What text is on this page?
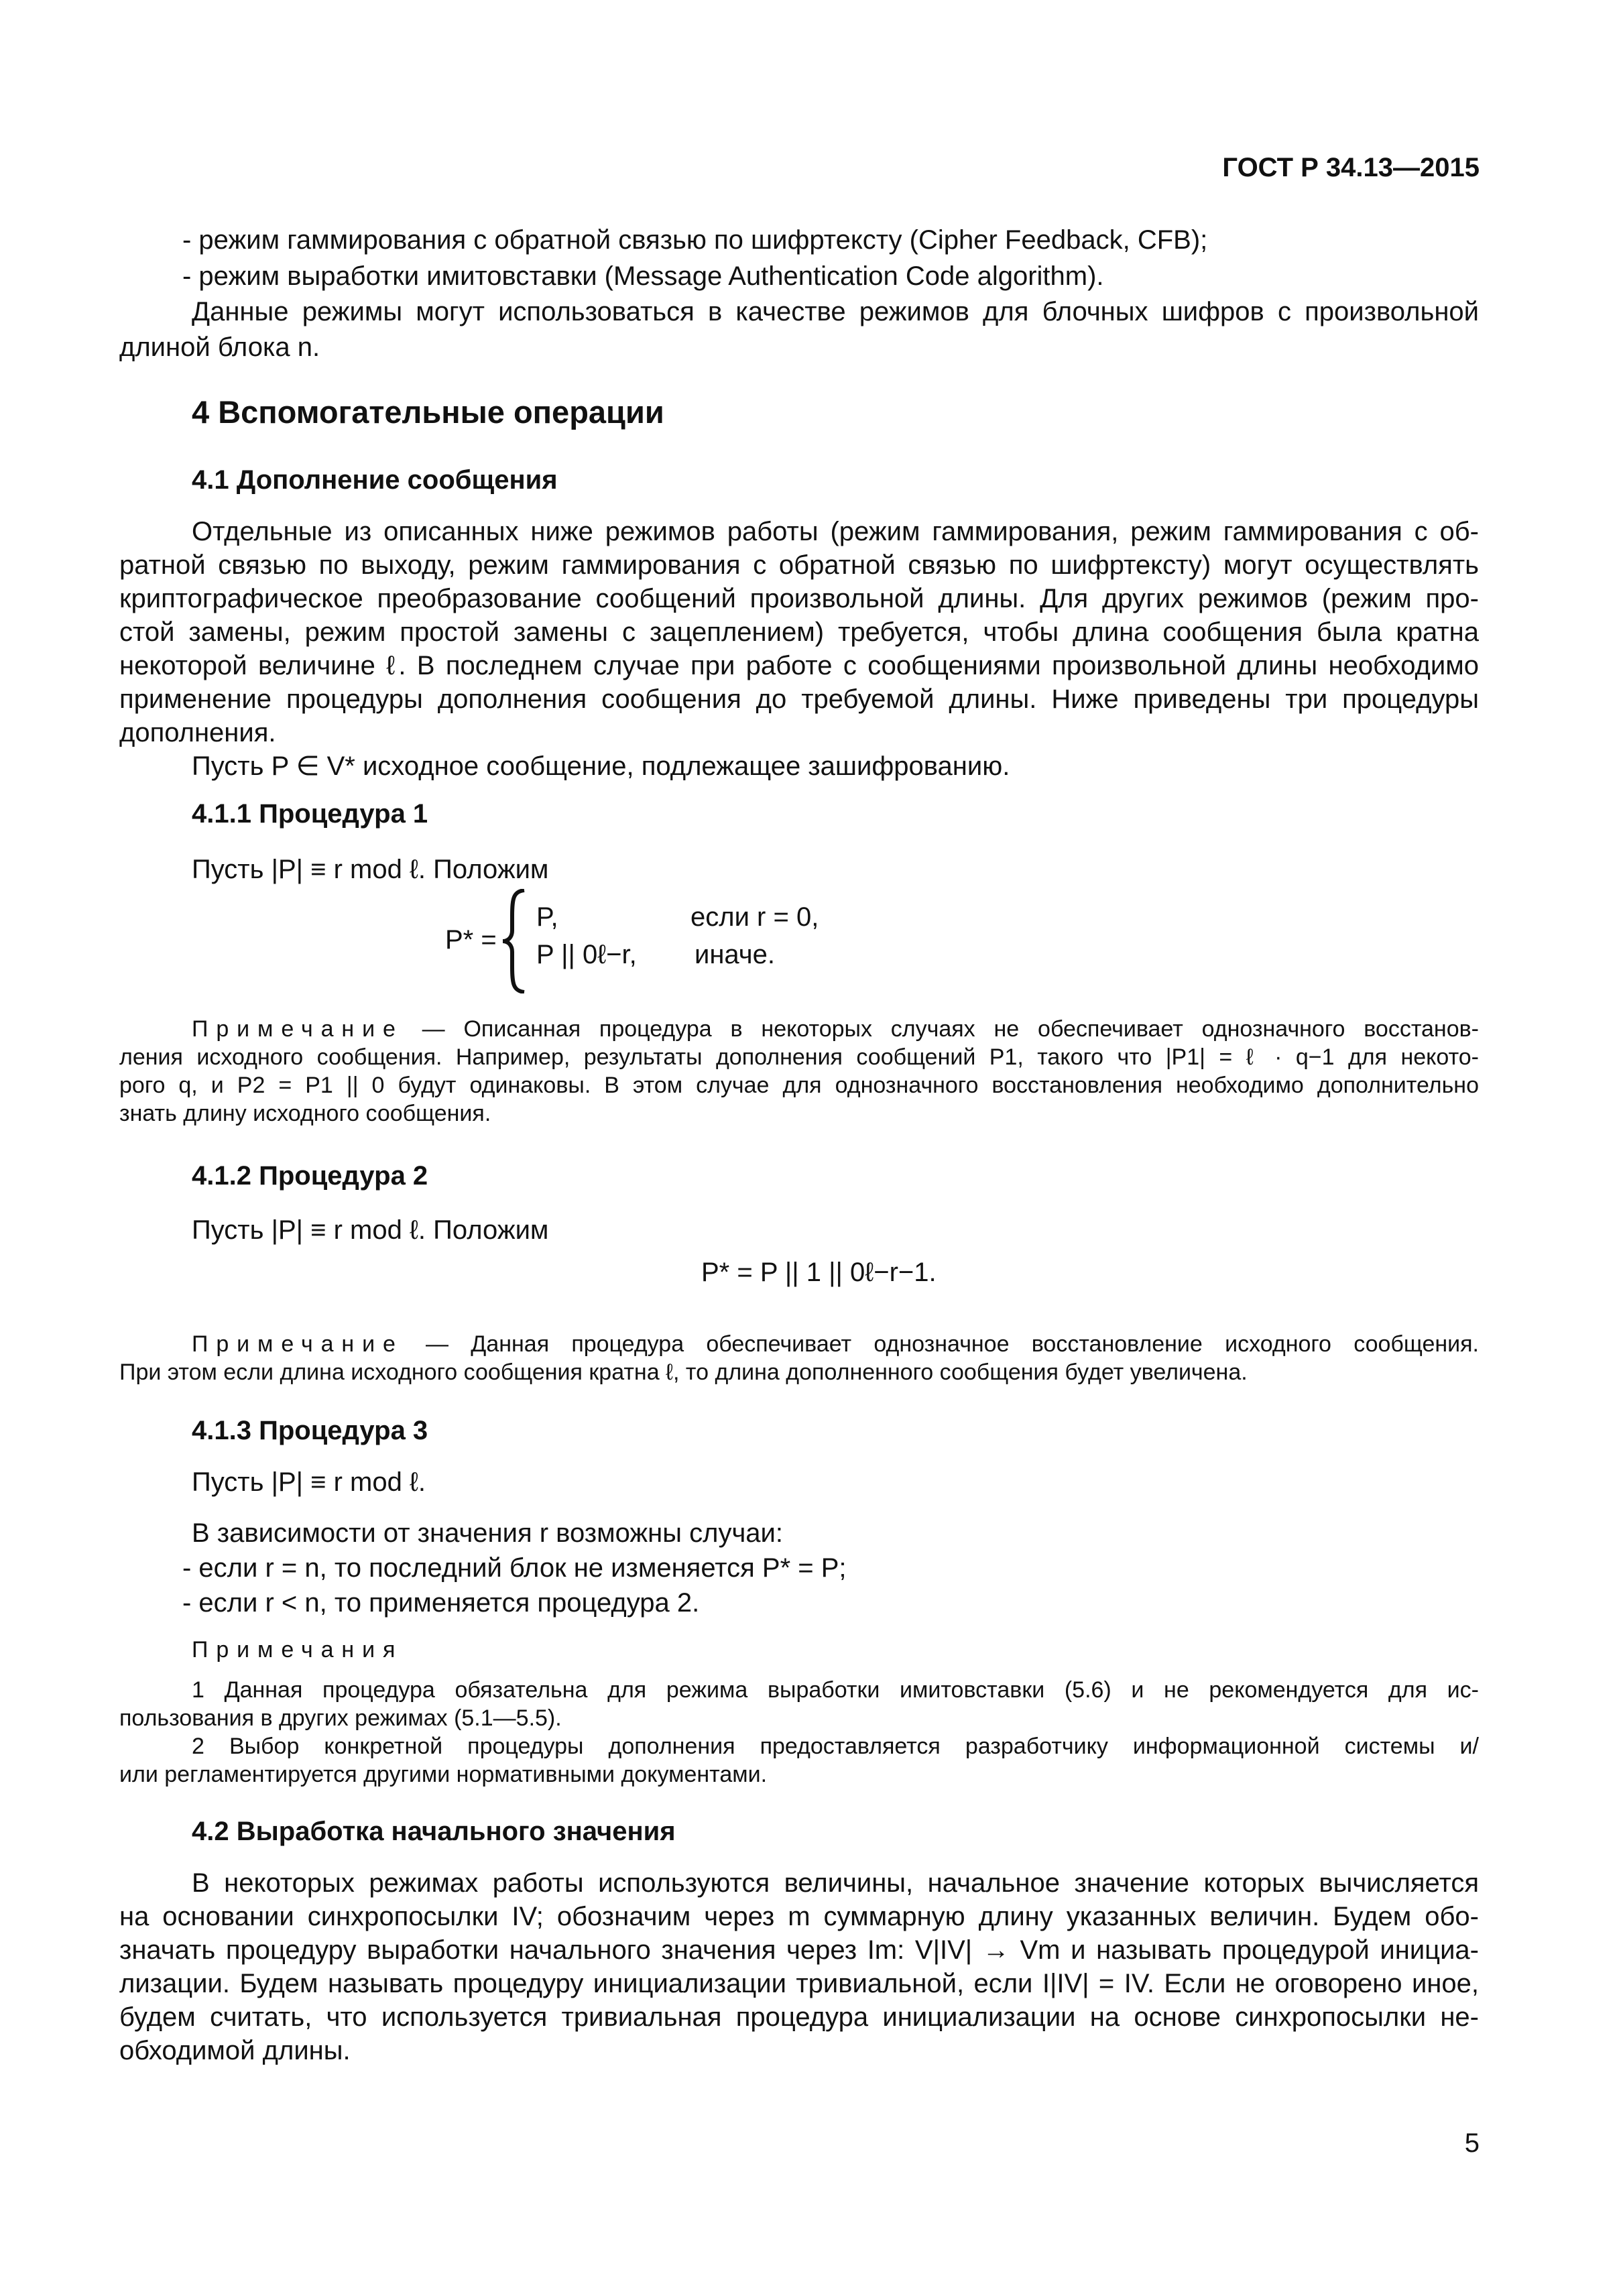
ГОСТ Р 34.13—2015

- режим гаммирования с обратной связью по шифртексту (Cipher Feedback, CFB);

- режим выработки имитовставки (Message Authentication Code algorithm).

Данные режимы могут использоваться в качестве режимов для блочных шифров с произвольной

длиной блока n.

4 Вспомогательные операции
4.1 Дополнение сообщения
Отдельные из описанных ниже режимов работы (режим гаммирования, режим гаммирования с об-
ратной связью по выходу, режим гаммирования с обратной связью по шифртексту) могут осуществлять
криптографическое преобразование сообщений произвольной длины. Для других режимов (режим про-
стой замены, режим простой замены с зацеплением) требуется, чтобы длина сообщения была кратна
некоторой величине ℓ. В последнем случае при работе с сообщениями произвольной длины необходимо
применение процедуры дополнения сообщения до требуемой длины. Ниже приведены три процедуры
дополнения.

Пусть P ∈ V* исходное сообщение, подлежащее зашифрованию.

4.1.1 Процедура 1

Пусть |P| ≡ r mod ℓ. Положим

P* =
P,	если r = 0,
P || 0ℓ−r, иначе.
Примечание — Описанная процедура в некоторых случаях не обеспечивает однозначного восстанов-
ления исходного сообщения. Например, результаты дополнения сообщений P1, такого что |P1| = ℓ · q−1 для некото-
рого q, и P2 = P1 || 0 будут одинаковы. В этом случае для однозначного восстановления необходимо дополнительно
знать длину исходного сообщения.
4.1.2 Процедура 2

Пусть |P| ≡ r mod ℓ. Положим

P* = P || 1 || 0ℓ−r−1.

Примечание — Данная процедура обеспечивает однозначное восстановление исходного сообщения.
При этом если длина исходного сообщения кратна ℓ, то длина дополненного сообщения будет увеличена.
4.1.3 Процедура 3

Пусть |P| ≡ r mod ℓ.

В зависимости от значения r возможны случаи:

- если r = n, то последний блок не изменяется P* = P;

- если r < n, то применяется процедура 2.

Примечания

1 Данная процедура обязательна для режима выработки имитовставки (5.6) и не рекомендуется для ис-
пользования в других режимах (5.1—5.5).
2 Выбор конкретной процедуры дополнения предоставляется разработчику информационной системы и/
или регламентируется другими нормативными документами.
4.2 Выработка начального значения
В некоторых режимах работы используются величины, начальное значение которых вычисляется
на основании синхропосылки IV; обозначим через m суммарную длину указанных величин. Будем обо-
значать процедуру выработки начального значения через Im: V|IV| → Vm и называть процедурой инициа-
лизации. Будем называть процедуру инициализации тривиальной, если I|IV| = IV. Если не оговорено иное,
будем считать, что используется тривиальная процедура инициализации на основе синхропосылки не-
обходимой длины.
5
